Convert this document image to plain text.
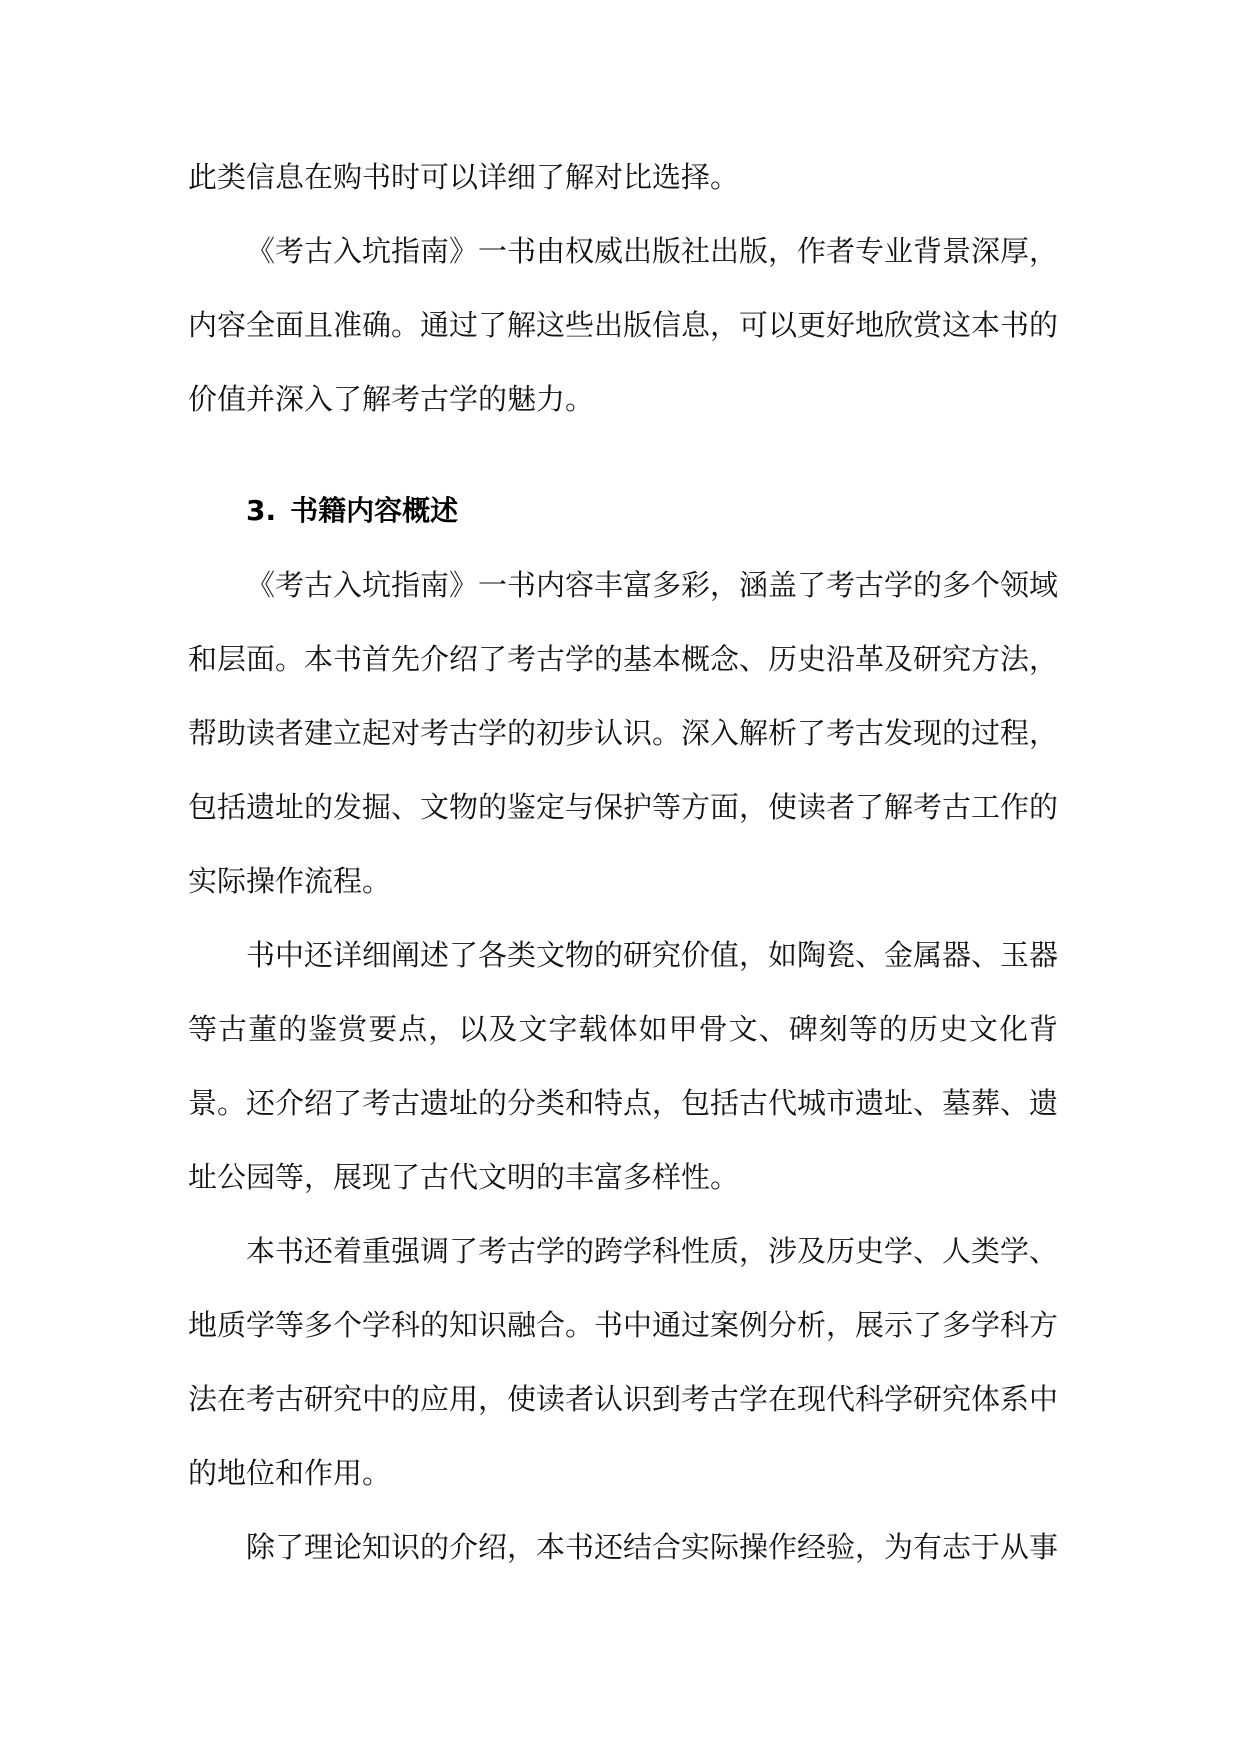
此类信息在购书时可以详细了解对比选择。

《考古入坑指南》一书由权威出版社出版，作者专业背景深厚，内容全面且准确。通过了解这些出版信息，可以更好地欣赏这本书的价值并深入了解考古学的魅力。

3. 书籍内容概述

《考古入坑指南》一书内容丰富多彩，涵盖了考古学的多个领域和层面。本书首先介绍了考古学的基本概念、历史沿革及研究方法，帮助读者建立起对考古学的初步认识。深入解析了考古发现的过程，包括遗址的发掘、文物的鉴定与保护等方面，使读者了解考古工作的实际操作流程。

书中还详细阐述了各类文物的研究价值，如陶瓷、金属器、玉器等古董的鉴赏要点，以及文字载体如甲骨文、碑刻等的历史文化背景。还介绍了考古遗址的分类和特点，包括古代城市遗址、墓葬、遗址公园等，展现了古代文明的丰富多样性。

本书还着重强调了考古学的跨学科性质，涉及历史学、人类学、地质学等多个学科的知识融合。书中通过案例分析，展示了多学科方法在考古研究中的应用，使读者认识到考古学在现代科学研究体系中的地位和作用。

除了理论知识的介绍，本书还结合实际操作经验，为有志于从事
